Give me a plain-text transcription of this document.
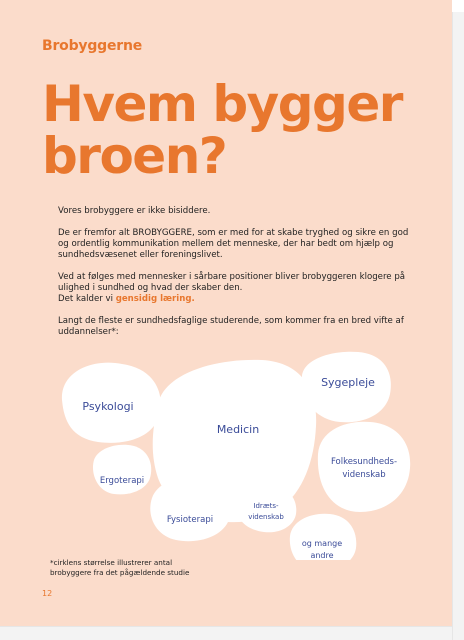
Brobyggerne
Hvem bygger
broen?

Vores brobyggere er ikke bisiddere.

De er fremfor alt BROBYGGERE, som er med for at skabe tryghed og sikre en god og ordentlig kommunikation mellem det menneske, der har bedt om hjælp og sundhedsvæsenet eller foreningslivet.

Ved at følges med mennesker i sårbare positioner bliver brobyggeren klogere på ulighed i sundhed og hvad der skaber den.
Det kalder vi gensidig læring.

Langt de fleste er sundhedsfaglige studerende, som kommer fra en bred vifte af uddannelser*:

Psykologi
Medicin
Sygepleje
Folkesundheds-
videnskab
Ergoterapi
Fysioterapi
Idræts-
videnskab
og mange
andre
*cirklens størrelse illustrerer antal
brobyggere fra det pågældende studie
12
